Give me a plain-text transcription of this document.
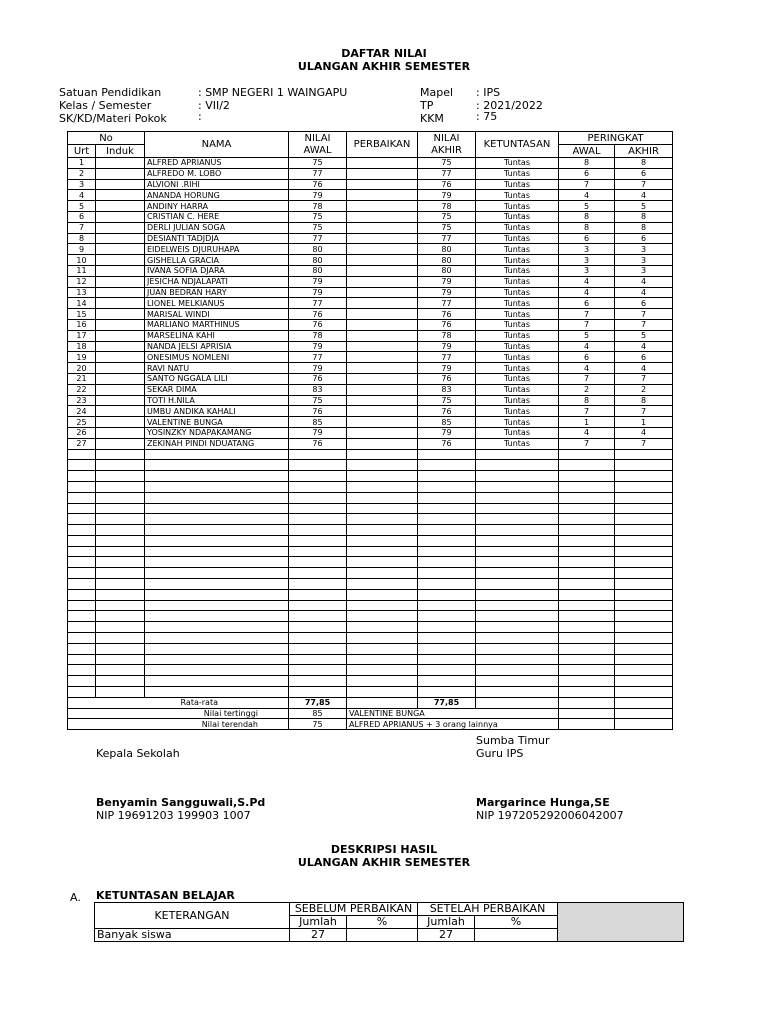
DAFTAR NILAI
ULANGAN AKHIR SEMESTER
Satuan Pendidikan	: SMP NEGERI 1 WAINGAPU
Kelas / Semester	: VII/2
SK/KD/Materi Pokok	:
Mapel : IPS
TP	: 2021/2022
KKM	: 75
No		NAMA	NILAI	PERBAIKAN	NILAI	KETUNTASAN	PERINGKAT	
Urt	Induk		AWAL		AKHIR		AWAL	AKHIR
1		ALFRED APRIANUS	75		75	Tuntas	8	8
2		ALFREDO M. LOBO	77		77	Tuntas	6	6
3		ALVIONI .RIHI	76		76	Tuntas	7	7
4		ANANDA HORUNG	79		79	Tuntas	4	4
5		ANDINY HARRA	78		78	Tuntas	5	5
6		CRISTIAN C. HERE	75		75	Tuntas	8	8
7		DERLI JULIAN SOGA	75		75	Tuntas	8	8
8		DESIANTI TADJDJA	77		77	Tuntas	6	6
9		EIDELWEIS DJURUHAPA	80		80	Tuntas	3	3
10		GISHELLA GRACIA	80		80	Tuntas	3	3
11		IVANA SOFIA DJARA	80		80	Tuntas	3	3
12		JESICHA NDJALAPATI	79		79	Tuntas	4	4
13		JUAN BEDRAN HARY	79		79	Tuntas	4	4
14		LIONEL MELKIANUS	77		77	Tuntas	6	6
15		MARISAL WINDI	76		76	Tuntas	7	7
16		MARLIANO MARTHINUS	76		76	Tuntas	7	7
17		MARSELINA KAHI	78		78	Tuntas	5	5
18		NANDA JELSI APRISIA	79		79	Tuntas	4	4
19		ONESIMUS NOMLENI	77		77	Tuntas	6	6
20		RAVI NATU	79		79	Tuntas	4	4
21		SANTO NGGALA LILI	76		76	Tuntas	7	7
22		SEKAR DIMA	83		83	Tuntas	2	2
23		TOTI H.NILA	75		75	Tuntas	8	8
24		UMBU ANDIKA KAHALI	76		76	Tuntas	7	7
25		VALENTINE BUNGA	85		85	Tuntas	1	1
26		YOSINZKY NDAPAKAMANG	79		79	Tuntas	4	4
27		ZEKINAH PINDI NDUATANG	76		76	Tuntas	7	7

Rata-rata			77,85		77,85			
Nilai tertinggi			85	VALENTINE BUNGA				
Nilai terendah			75	ALFRED APRIANUS + 3 orang lainnya				
Sumba Timur
Kepala Sekolah	Guru IPS
Benyamin Sangguwali,S.Pd
NIP 19691203 199903 1007
Margarince Hunga,SE
NIP 197205292006042007
DESKRIPSI HASIL
ULANGAN AKHIR SEMESTER
A. KETUNTASAN BELAJAR
KETERANGAN	SEBELUM PERBAIKAN		SETELAH PERBAIKAN		
	Jumlah	%	Jumlah	%	
Banyak siswa	27		27		
